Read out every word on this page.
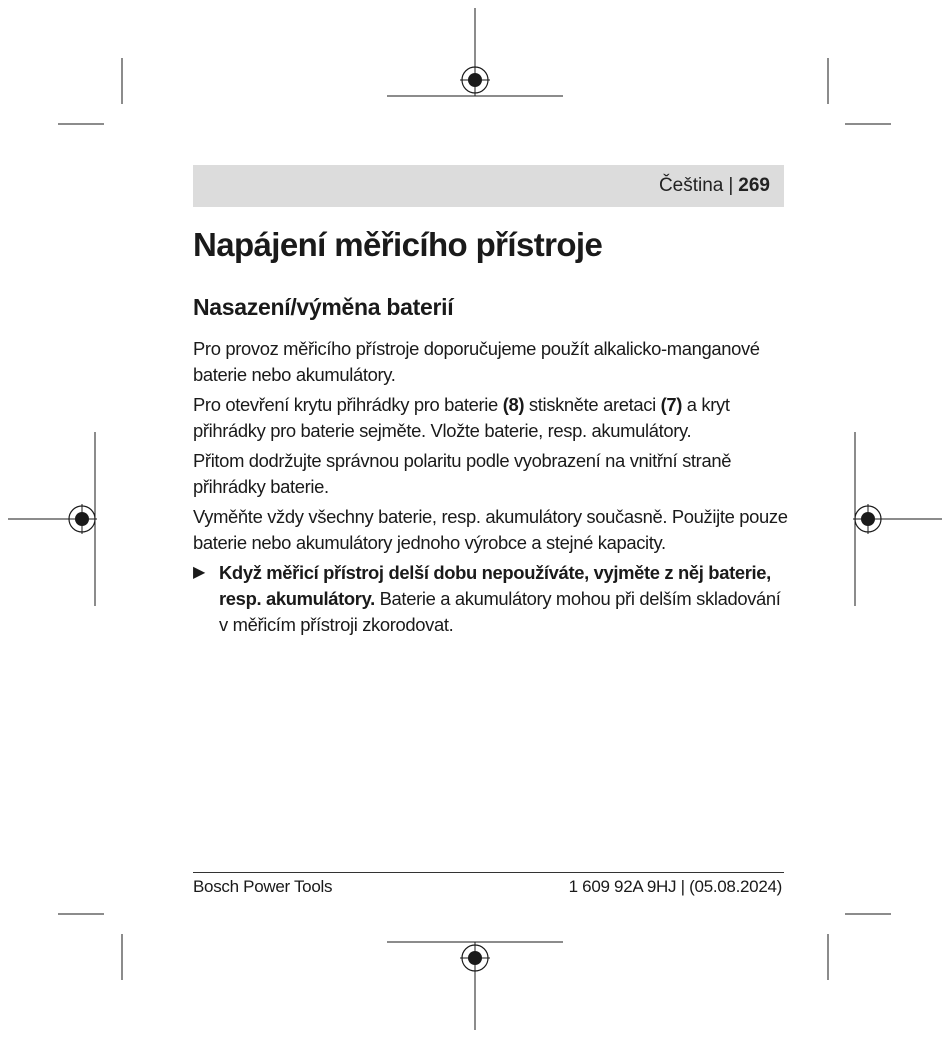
Čeština | 269
Napájení měřicího přístroje
Nasazení/výměna baterií

Pro provoz měřicího přístroje doporučujeme použít alkalicko-manganové baterie nebo akumulátory.

Pro otevření krytu přihrádky pro baterie (8) stiskněte aretaci (7) a kryt přihrádky pro baterie sejměte. Vložte baterie, resp. akumulátory.

Přitom dodržujte správnou polaritu podle vyobrazení na vnitřní straně přihrádky baterie.

Vyměňte vždy všechny baterie, resp. akumulátory současně. Použijte pouze baterie nebo akumulátory jednoho výrobce a stejné kapacity.

▶ Když měřicí přístroj delší dobu nepoužíváte, vyjměte z něj baterie, resp. akumulátory. Baterie a akumulátory mohou při delším skladování v měřicím přístroji zkorodovat.
Bosch Power Tools	1 609 92A 9HJ | (05.08.2024)
